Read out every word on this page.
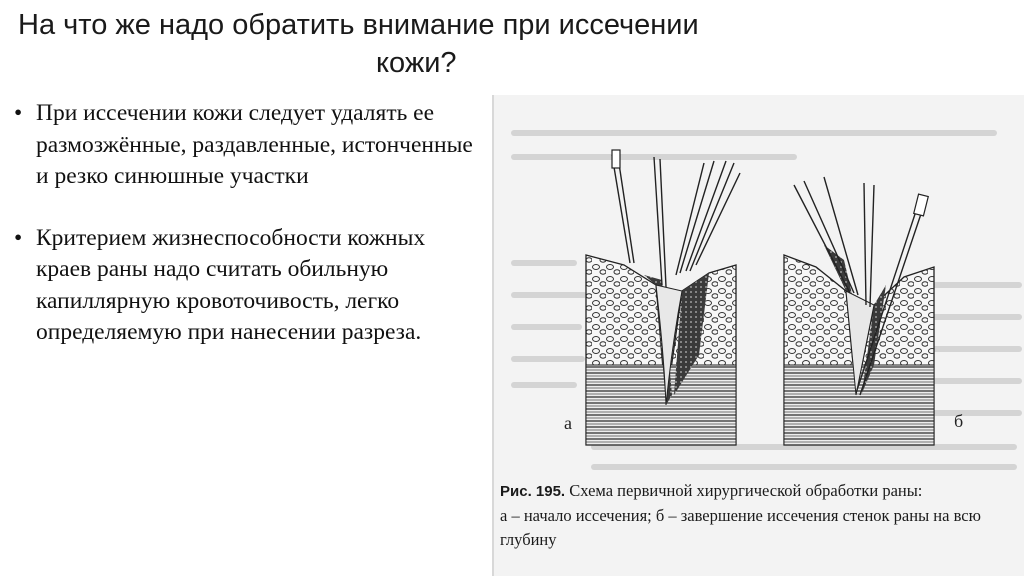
На что же надо обратить внимание при иссечении
кожи?
• При иссечении кожи следует удалять ее размозжённые, раздавленные, истонченные и резко синюшные участки
• Критерием жизнеспособности кожных краев раны надо считать обильную капиллярную кровоточивость, легко определяемую при нанесении разреза.
а	б
Рис. 195. Схема первичной хирургической обработки раны:
а – начало иссечения; б – завершение иссечения стенок раны на всю глубину
